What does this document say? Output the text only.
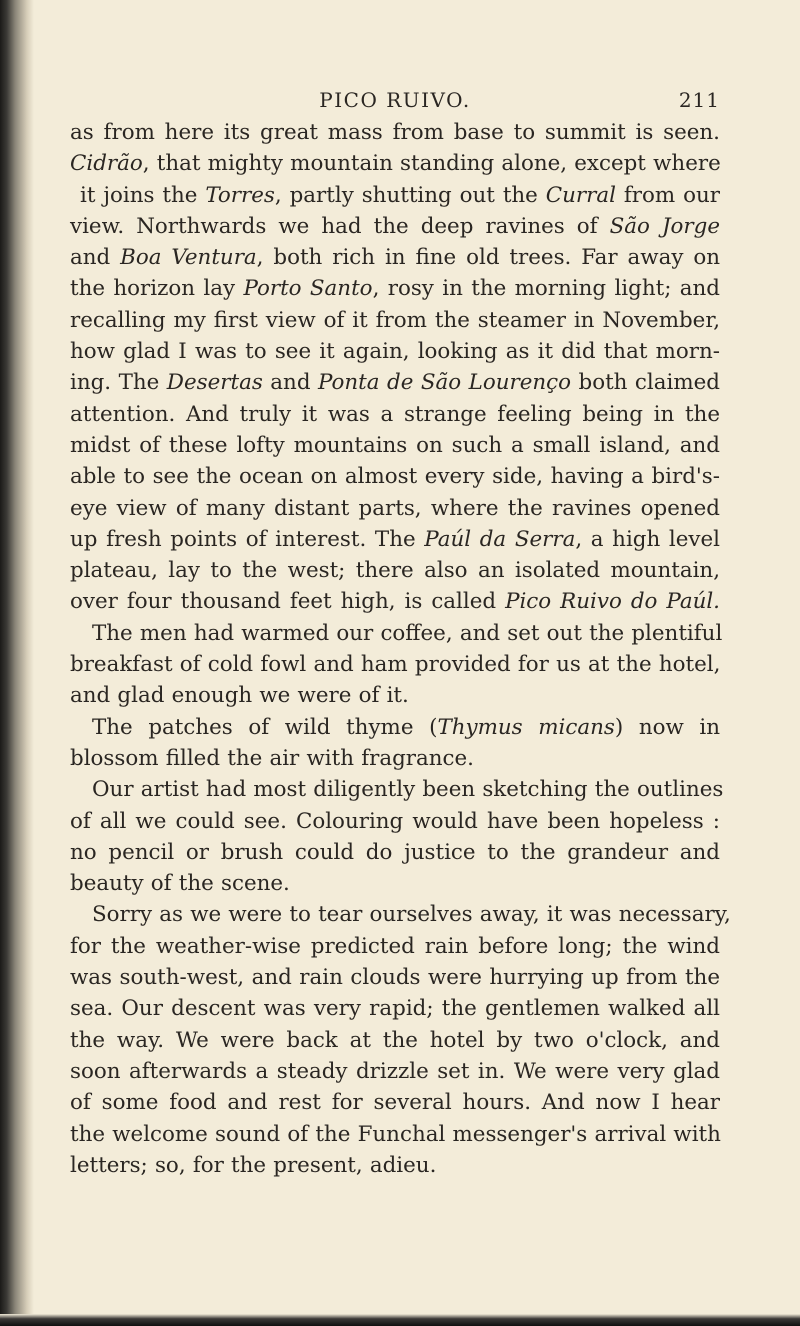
PICO RUIVO.	211
as from here its great mass from base to summit is seen.
Cidrão, that mighty mountain standing alone, except where
it joins the Torres, partly shutting out the Curral from our
view. Northwards we had the deep ravines of São Jorge
and Boa Ventura, both rich in fine old trees. Far away on
the horizon lay Porto Santo, rosy in the morning light; and
recalling my first view of it from the steamer in November,
how glad I was to see it again, looking as it did that morn-
ing. The Desertas and Ponta de São Lourenço both claimed
attention. And truly it was a strange feeling being in the
midst of these lofty mountains on such a small island, and
able to see the ocean on almost every side, having a bird's-
eye view of many distant parts, where the ravines opened
up fresh points of interest. The Paúl da Serra, a high level
plateau, lay to the west; there also an isolated mountain,
over four thousand feet high, is called Pico Ruivo do Paúl.
The men had warmed our coffee, and set out the plentiful
breakfast of cold fowl and ham provided for us at the hotel,
and glad enough we were of it.
The patches of wild thyme (Thymus micans) now in
blossom filled the air with fragrance.
Our artist had most diligently been sketching the outlines
of all we could see. Colouring would have been hopeless :
no pencil or brush could do justice to the grandeur and
beauty of the scene.
Sorry as we were to tear ourselves away, it was necessary,
for the weather-wise predicted rain before long; the wind
was south-west, and rain clouds were hurrying up from the
sea. Our descent was very rapid; the gentlemen walked all
the way. We were back at the hotel by two o'clock, and
soon afterwards a steady drizzle set in. We were very glad
of some food and rest for several hours. And now I hear
the welcome sound of the Funchal messenger's arrival with
letters; so, for the present, adieu.
